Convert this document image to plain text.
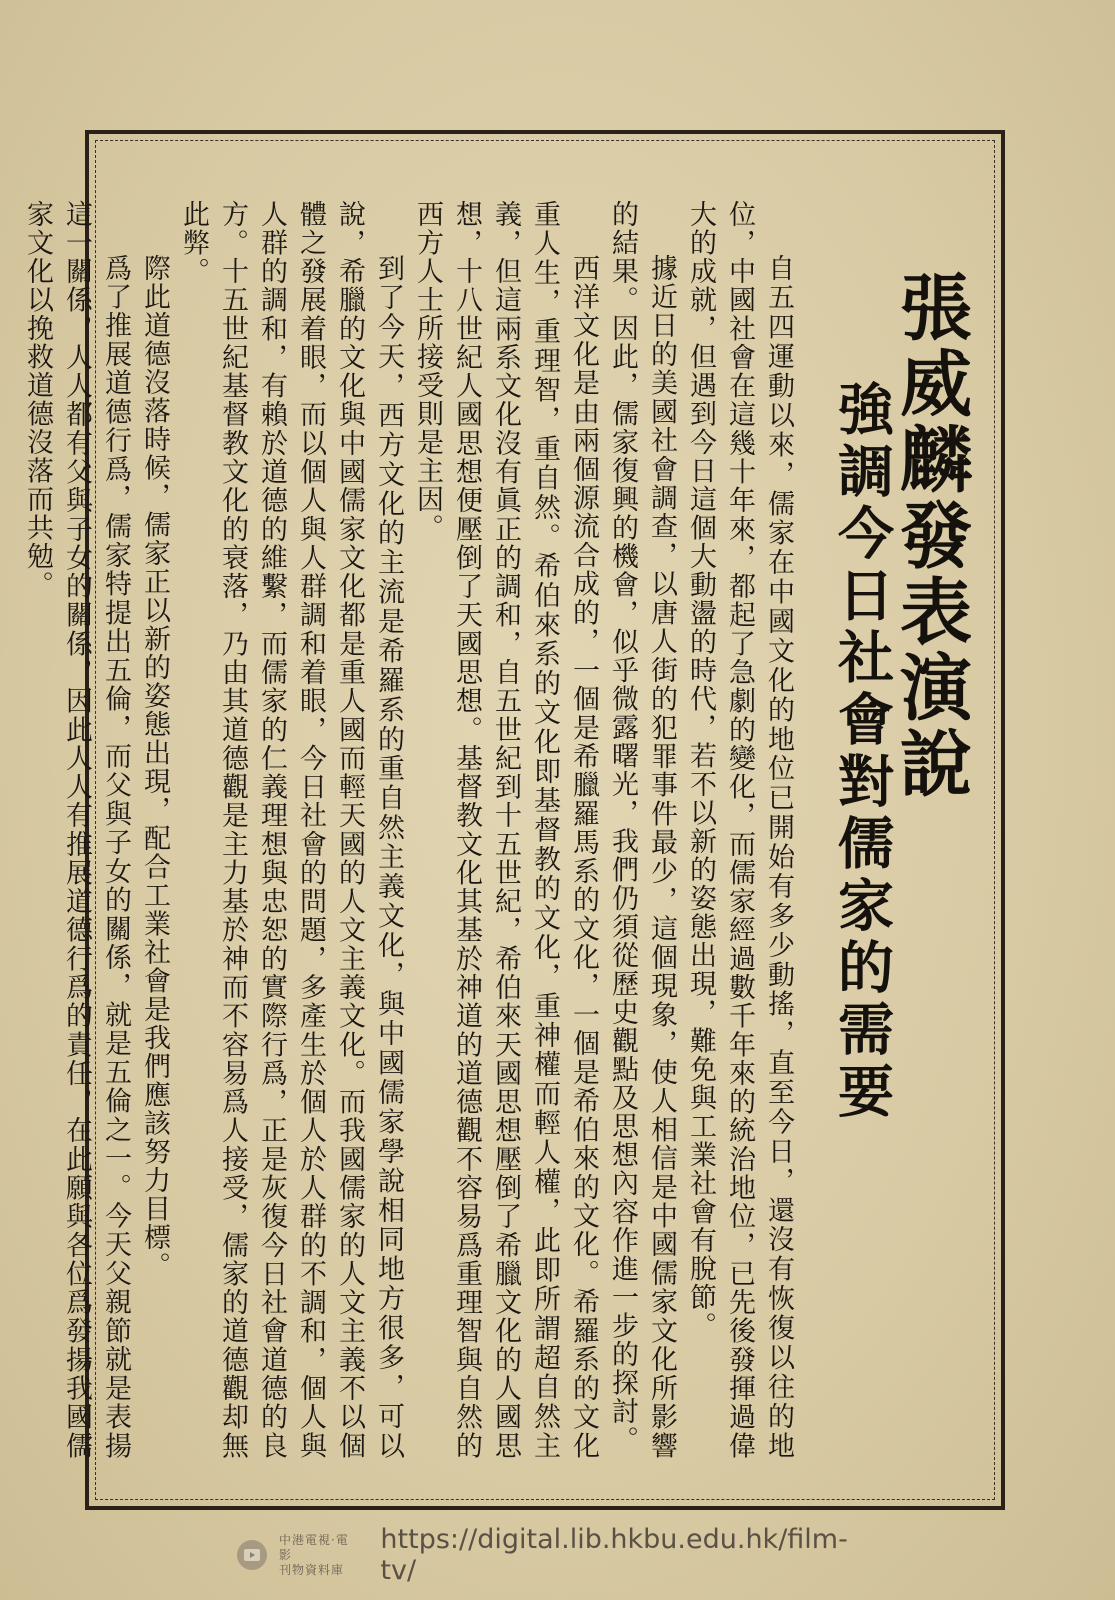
張威麟發表演說
強調今日社會對儒家的需要

自五四運動以來，儒家在中國文化的地位已開始有多少動搖，直至今日，還沒有恢復以往的地位，中國社會在這幾十年來，都起了急劇的變化，而儒家經過數千年來的統治地位，已先後發揮過偉大的成就，但遇到今日這個大動盪的時代，若不以新的姿態出現，難免與工業社會有脫節。

據近日的美國社會調查，以唐人街的犯罪事件最少，這個現象，使人相信是中國儒家文化所影響的結果。因此，儒家復興的機會，似乎微露曙光，我們仍須從歷史觀點及思想內容作進一步的探討。

西洋文化是由兩個源流合成的，一個是希臘羅馬系的文化，一個是希伯來的文化。希羅系的文化重人生，重理智，重自然。希伯來系的文化即基督教的文化，重神權而輕人權，此即所謂超自然主義，但這兩系文化沒有眞正的調和，自五世紀到十五世紀，希伯來天國思想壓倒了希臘文化的人國思想，十八世紀人國思想便壓倒了天國思想。基督教文化其基於神道的道德觀不容易爲重理智與自然的西方人士所接受則是主因。

到了今天，西方文化的主流是希羅系的重自然主義文化，與中國儒家學說相同地方很多，可以說，希臘的文化與中國儒家文化都是重人國而輕天國的人文主義文化。而我國儒家的人文主義不以個體之發展着眼，而以個人與人群調和着眼，今日社會的問題，多產生於個人於人群的不調和，個人與人群的調和，有賴於道德的維繫，而儒家的仁義理想與忠恕的實際行爲，正是灰復今日社會道德的良方。十五世紀基督教文化的衰落，乃由其道德觀是主力基於神而不容易爲人接受，儒家的道德觀却無此弊。

際此道德沒落時候，儒家正以新的姿態出現，配合工業社會是我們應該努力目標。

爲了推展道德行爲，儒家特提出五倫，而父與子女的關係，就是五倫之一。今天父親節就是表揚這一關係，人人都有父與子女的關係，因此人人有推展道德行爲的責任，在此願與各位爲發揚我國儒家文化以挽救道德沒落而共勉。

中港電視·電影
刊物資料庫
https://digital.lib.hkbu.edu.hk/film-tv/
